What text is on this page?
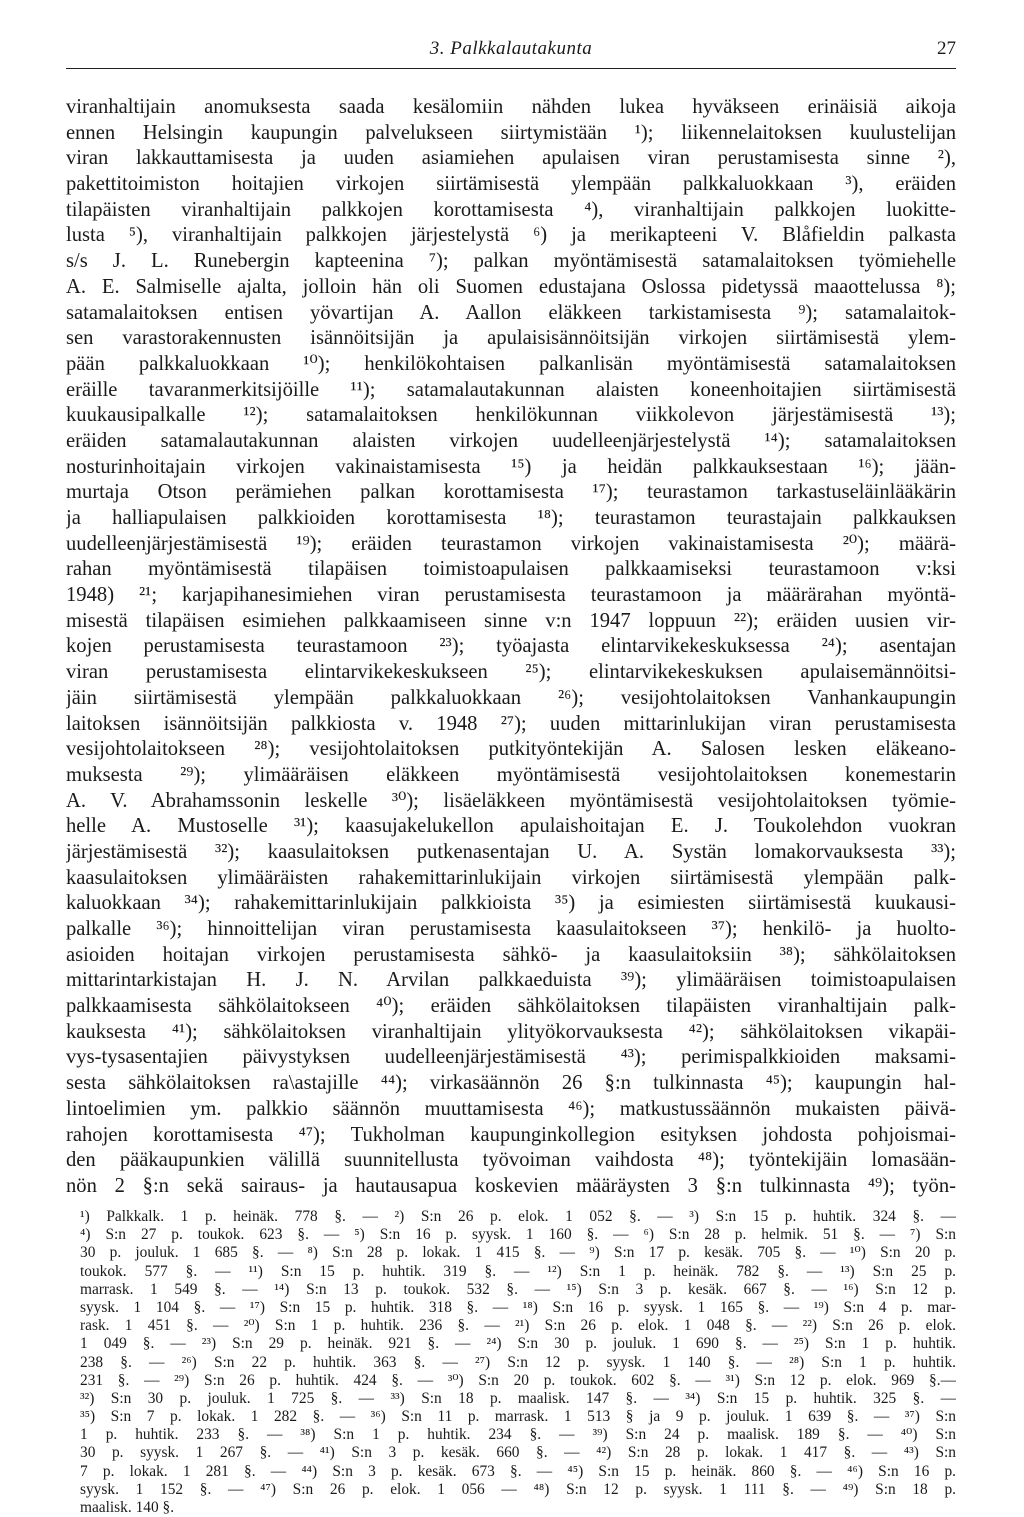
3. Palkkalautakunta	27
viranhaltijain anomuksesta saada kesälomiin nähden lukea hyväkseen erinäisiä aikoja
ennen Helsingin kaupungin palvelukseen siirtymistään ¹); liikennelaitoksen kuulustelijan
viran lakkauttamisesta ja uuden asiamiehen apulaisen viran perustamisesta sinne ²),
pakettitoimiston hoitajien virkojen siirtämisestä ylempään palkkaluokkaan ³), eräiden
tilapäisten viranhaltijain palkkojen korottamisesta ⁴), viranhaltijain palkkojen luokitte-
lusta ⁵), viranhaltijain palkkojen järjestelystä ⁶) ja merikapteeni V. Blåfieldin palkasta
s/s J. L. Runebergin kapteenina ⁷); palkan myöntämisestä satamalaitoksen työmiehelle
A. E. Salmiselle ajalta, jolloin hän oli Suomen edustajana Oslossa pidetyssä maaottelussa ⁸);
satamalaitoksen entisen yövartijan A. Aallon eläkkeen tarkistamisesta ⁹); satamalaitok-
sen varastorakennusten isännöitsijän ja apulaisisännöitsijän virkojen siirtämisestä ylem-
pään palkkaluokkaan ¹⁰); henkilökohtaisen palkanlisän myöntämisestä satamalaitoksen
eräille tavaranmerkitsijöille ¹¹); satamalautakunnan alaisten koneenhoitajien siirtämisestä
kuukausipalkalle ¹²); satamalaitoksen henkilökunnan viikkolevon järjestämisestä ¹³);
eräiden satamalautakunnan alaisten virkojen uudelleenjärjestelystä ¹⁴); satamalaitoksen
nosturinhoitajain virkojen vakinaistamisesta ¹⁵) ja heidän palkkauksestaan ¹⁶); jään-
murtaja Otson perämiehen palkan korottamisesta ¹⁷); teurastamon tarkastuseläinlääkärin
ja halliapulaisen palkkioiden korottamisesta ¹⁸); teurastamon teurastajain palkkauksen
uudelleenjärjestämisestä ¹⁹); eräiden teurastamon virkojen vakinaistamisesta ²⁰); määrä-
rahan myöntämisestä tilapäisen toimistoapulaisen palkkaamiseksi teurastamoon v:ksi
1948) ²¹; karjapihanesimiehen viran perustamisesta teurastamoon ja määrärahan myöntä-
misestä tilapäisen esimiehen palkkaamiseen sinne v:n 1947 loppuun ²²); eräiden uusien vir-
kojen perustamisesta teurastamoon ²³); työajasta elintarvikekeskuksessa ²⁴); asentajan
viran perustamisesta elintarvikekeskukseen ²⁵); elintarvikekeskuksen apulaisemännöitsi-
jäin siirtämisestä ylempään palkkaluokkaan ²⁶); vesijohtolaitoksen Vanhankaupungin
laitoksen isännöitsijän palkkiosta v. 1948 ²⁷); uuden mittarinlukijan viran perustamisesta
vesijohtolaitokseen ²⁸); vesijohtolaitoksen putkityöntekijän A. Salosen lesken eläkeano-
muksesta ²⁹); ylimääräisen eläkkeen myöntämisestä vesijohtolaitoksen konemestarin
A. V. Abrahamssonin leskelle ³⁰); lisäeläkkeen myöntämisestä vesijohtolaitoksen työmie-
helle A. Mustoselle ³¹); kaasujakelukellon apulaishoitajan E. J. Toukolehdon vuokran
järjestämisestä ³²); kaasulaitoksen putkenasentajan U. A. Systän lomakorvauksesta ³³);
kaasulaitoksen ylimääräisten rahakemittarinlukijain virkojen siirtämisestä ylempään palk-
kaluokkaan ³⁴); rahakemittarinlukijain palkkioista ³⁵) ja esimiesten siirtämisestä kuukausi-
palkalle ³⁶); hinnoittelijan viran perustamisesta kaasulaitokseen ³⁷); henkilö- ja huolto-
asioiden hoitajan virkojen perustamisesta sähkö- ja kaasulaitoksiin ³⁸); sähkölaitoksen
mittarintarkistajan H. J. N. Arvilan palkkaeduista ³⁹); ylimääräisen toimistoapulaisen
palkkaamisesta sähkölaitokseen ⁴⁰); eräiden sähkölaitoksen tilapäisten viranhaltijain palk-
kauksesta ⁴¹); sähkölaitoksen viranhaltijain ylityökorvauksesta ⁴²); sähkölaitoksen vikapäi-
vys-tysasentajien päivystyksen uudelleenjärjestämisestä ⁴³); perimispalkkioiden maksami-
sesta sähkölaitoksen ra\astajille ⁴⁴); virkasäännön 26 §:n tulkinnasta ⁴⁵); kaupungin hal-
lintoelimien ym. palkkio säännön muuttamisesta ⁴⁶); matkustussäännön mukaisten päivä-
rahojen korottamisesta ⁴⁷); Tukholman kaupunginkollegion esityksen johdosta pohjoismai-
den pääkaupunkien välillä suunnitellusta työvoiman vaihdosta ⁴⁸); työntekijäin lomasään-
nön 2 §:n sekä sairaus- ja hautausapua koskevien määräysten 3 §:n tulkinnasta ⁴⁹); työn-
¹) Palkkalk. 1 p. heinäk. 778 §. — ²) S:n 26 p. elok. 1 052 §. — ³) S:n 15 p. huhtik. 324 §. —
⁴) S:n 27 p. toukok. 623 §. — ⁵) S:n 16 p. syysk. 1 160 §. — ⁶) S:n 28 p. helmik. 51 §. — ⁷) S:n
30 p. jouluk. 1 685 §. — ⁸) S:n 28 p. lokak. 1 415 §. — ⁹) S:n 17 p. kesäk. 705 §. — ¹⁰) S:n 20 p.
toukok. 577 §. — ¹¹) S:n 15 p. huhtik. 319 §. — ¹²) S:n 1 p. heinäk. 782 §. — ¹³) S:n 25 p.
marrask. 1 549 §. — ¹⁴) S:n 13 p. toukok. 532 §. — ¹⁵) S:n 3 p. kesäk. 667 §. — ¹⁶) S:n 12 p.
syysk. 1 104 §. — ¹⁷) S:n 15 p. huhtik. 318 §. — ¹⁸) S:n 16 p. syysk. 1 165 §. — ¹⁹) S:n 4 p. mar-
rask. 1 451 §. — ²⁰) S:n 1 p. huhtik. 236 §. — ²¹) S:n 26 p. elok. 1 048 §. — ²²) S:n 26 p. elok.
1 049 §. — ²³) S:n 29 p. heinäk. 921 §. — ²⁴) S:n 30 p. jouluk. 1 690 §. — ²⁵) S:n 1 p. huhtik.
238 §. — ²⁶) S:n 22 p. huhtik. 363 §. — ²⁷) S:n 12 p. syysk. 1 140 §. — ²⁸) S:n 1 p. huhtik.
231 §. — ²⁹) S:n 26 p. huhtik. 424 §. — ³⁰) S:n 20 p. toukok. 602 §. — ³¹) S:n 12 p. elok. 969 §.—
³²) S:n 30 p. jouluk. 1 725 §. — ³³) S:n 18 p. maalisk. 147 §. — ³⁴) S:n 15 p. huhtik. 325 §. —
³⁵) S:n 7 p. lokak. 1 282 §. — ³⁶) S:n 11 p. marrask. 1 513 § ja 9 p. jouluk. 1 639 §. — ³⁷) S:n
1 p. huhtik. 233 §. — ³⁸) S:n 1 p. huhtik. 234 §. — ³⁹) S:n 24 p. maalisk. 189 §. — ⁴⁰) S:n
30 p. syysk. 1 267 §. — ⁴¹) S:n 3 p. kesäk. 660 §. — ⁴²) S:n 28 p. lokak. 1 417 §. — ⁴³) S:n
7 p. lokak. 1 281 §. — ⁴⁴) S:n 3 p. kesäk. 673 §. — ⁴⁵) S:n 15 p. heinäk. 860 §. — ⁴⁶) S:n 16 p.
syysk. 1 152 §. — ⁴⁷) S:n 26 p. elok. 1 056 — ⁴⁸) S:n 12 p. syysk. 1 111 §. — ⁴⁹) S:n 18 p.
maalisk. 140 §.
